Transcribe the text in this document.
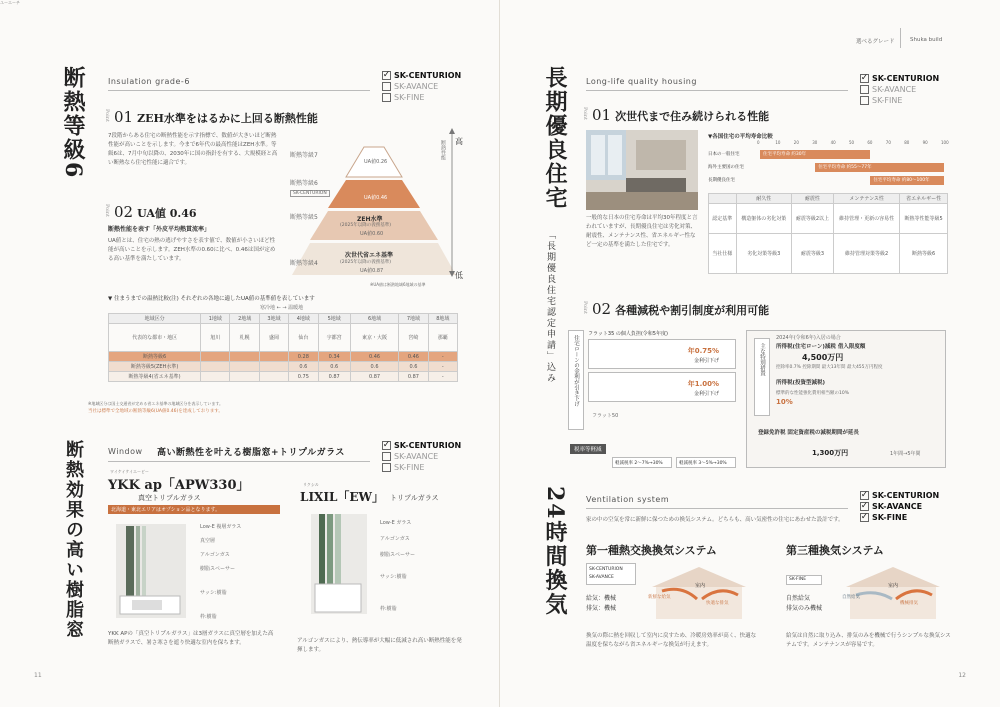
断熱等級6	Insulation grade-6
✓ SK-CENTURION
SK-AVANCE
SK-FINE
Point 01 ZEH水準をはるかに上回る断熱性能
7段階からある住宅の断熱性能を示す指標で、数値が大きいほど断熱性能が高いことを示します。今まで6年代の最高性能はZEH水準。等級6は、7月中旬以降の、2030年に国の指針を有する、大規模経と高い断熱なら住宅性能に適合です。
ユーエーチ
Point 02 UA値 0.46
断熱性能を表す「外皮平均熱貫流率」
UA値とは、住宅の熱の逃げやすさを表す値で、数値が小さいほど性能が高いことを示します。ZEH水準の0.60に比べ、0.46は国が定める高い基準を満たしています。
高
断熱性能
低
断熱等級7
断熱等級6
SK-CENTURION
断熱等級5
断熱等級4
UA値0.26
UA値0.46
ZEH水準
(2025年以降の義務基準)
UA値0.60
次世代省エネ基準
(2025年以降の義務基準)
UA値0.87
※UA値は断熱地域6地域の基準
▼ 住まうまでの温熱比較(注) それぞれの各地に適したUA値の基準値を表しています
寒冷地 ← → 温暖地
地域区分	1地域	2地域	3地域	4地域	5地域	6地域	7地域	8地域
代表的な都市・地区	旭川	札幌	盛岡	仙台	宇都宮	東京・大阪	宮崎	那覇
断熱等級6				0.28	0.34	0.46	0.46	-
断熱等級5(ZEH水準)				0.6	0.6	0.6	0.6	-
断熱等級4(省エネ基準)				0.75	0.87	0.87	0.87	-
※地域区分は国土交通省が定める省エネ基準の地域区分を表示しています。
当社は標準で全地域の断熱等級6(UA値0.46)を達成しております。
断熱効果の高い樹脂窓	Window 高い断熱性を叶える樹脂窓+トリプルガラス
✓ SK-CENTURION
SK-AVANCE
SK-FINE
ワイケイケイエーピー
YKK ap「APW330」
真空トリプルガラス
北海道・東北エリアはオプション品となります。
Low-E 複層ガラス
真空層
アルゴンガス
樹脂スペーサー
サッシ:樹脂
枠:樹脂
YKK APの「真空トリプルガラス」は3層ガラスに真空層を加えた高断熱ガラスで、暑さ寒さを遮り快適な室内を保ちます。
リクシル
LIXIL「EW」 トリプルガラス
Low-E ガラス
アルゴンガス
樹脂スペーサー
サッシ:樹脂
枠:樹脂
アルゴンガスにより、熱伝導率が大幅に低減され高い断熱性能を発揮します。
11
選べるグレード	Shuka build
長期優良住宅
「長期優良住宅認定申請」込み
Long-life quality housing	✓ SK-CENTURION
SK-AVANCE
SK-FINE
Point 01 次世代まで住み続けられる性能
▼各国住宅の平均寿命比較
0	10	20	30	40	50	60	70	80	90	100
日本の一般住宅	住宅平均寿命 約30年
海外主要国の住宅	住宅平均寿命 約55〜77年
長期優良住宅	住宅平均寿命 約80〜100年
一般的な日本の住宅寿命は平均30年程度と言われていますが、長期優良住宅は劣化対策、耐震性、メンテナンス性、省エネルギー性など一定の基準を満たした住宅です。
	耐久性	耐震性	メンテナンス性	省エネルギー性
認定基準	構造躯体の劣化対策	耐震等級2以上	維持管理・更新の容易性	断熱等性能等級5
当社仕様	劣化対策等級3	耐震等級3	維持管理対策等級2	断熱等級6
Point 02 各種減税や割引制度が利用可能
住宅ローンの金利が引き下げ
フラット35 の個人負担(令和5年度)
年0.75%
金利引下げ
年1.00%
金利引下げ
フラット50
税率等軽減
軽減税率 2〜7%→30%	軽減税率 3〜5%→30%
主な特別措置
2024年(令和6年)入居の場合
所得税(住宅ローン)減税 借入限度額
4,500万円
控除率0.7% 控除期間 最大13年間 最大455万円程度
所得税(投資型減税)
標準的な性能強化費用相当額の10%
10%
登録免許税 固定資産税の減税期間が延長
1,300万円	1年間→5年間
24時間換気	Ventilation system	✓ SK-CENTURION
✓ SK-AVANCE
✓ SK-FINE
家の中の空気を常に新鮮に保つための換気システム。どちらも、高い気密性の住宅にあわせた設計です。
第一種熱交換換気システム
SK-CENTURION
SK-AVANCE
給気：機械
排気：機械
室内
新鮮な給気
快適な排気
換気の際に熱を回収して室内に戻すため、冷暖房効率が高く、快適な温度を保ちながら省エネルギーな換気が行えます。
第三種換気システム
SK-FINE
自然給気
排気のみ機械
室内
自然給気
機械排気
給気は自然に取り込み、排気のみを機械で行うシンプルな換気システムです。メンテナンスが容易です。
12
